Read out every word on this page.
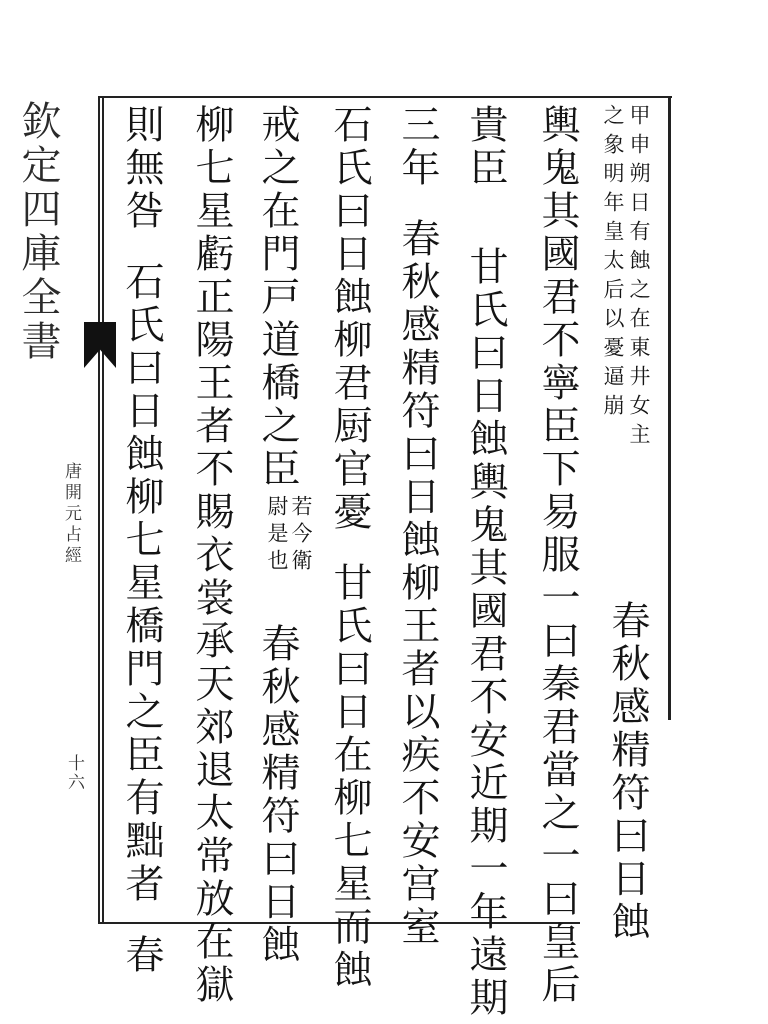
欽定四庫全書
唐開元占經
十六
甲申朔日有蝕之在東井女主
之象明年皇太后以憂逼崩
春秋感精符曰日蝕
輿鬼其國君不寧臣下易服一曰秦君當之一曰皇后
貴臣甘氏曰日蝕輿鬼其國君不安近期一年遠期
三年春秋感精符曰日蝕柳王者以疾不安宫室
石氏曰日蝕柳君厨官憂甘氏曰日在柳七星而蝕
戒之在門戸道橋之臣若今衛
尉是也春秋感精符曰日蝕
柳七星虧正陽王者不賜衣裳承天郊退太常放在獄
則無咎石氏曰日蝕柳七星橋門之臣有黜者春
